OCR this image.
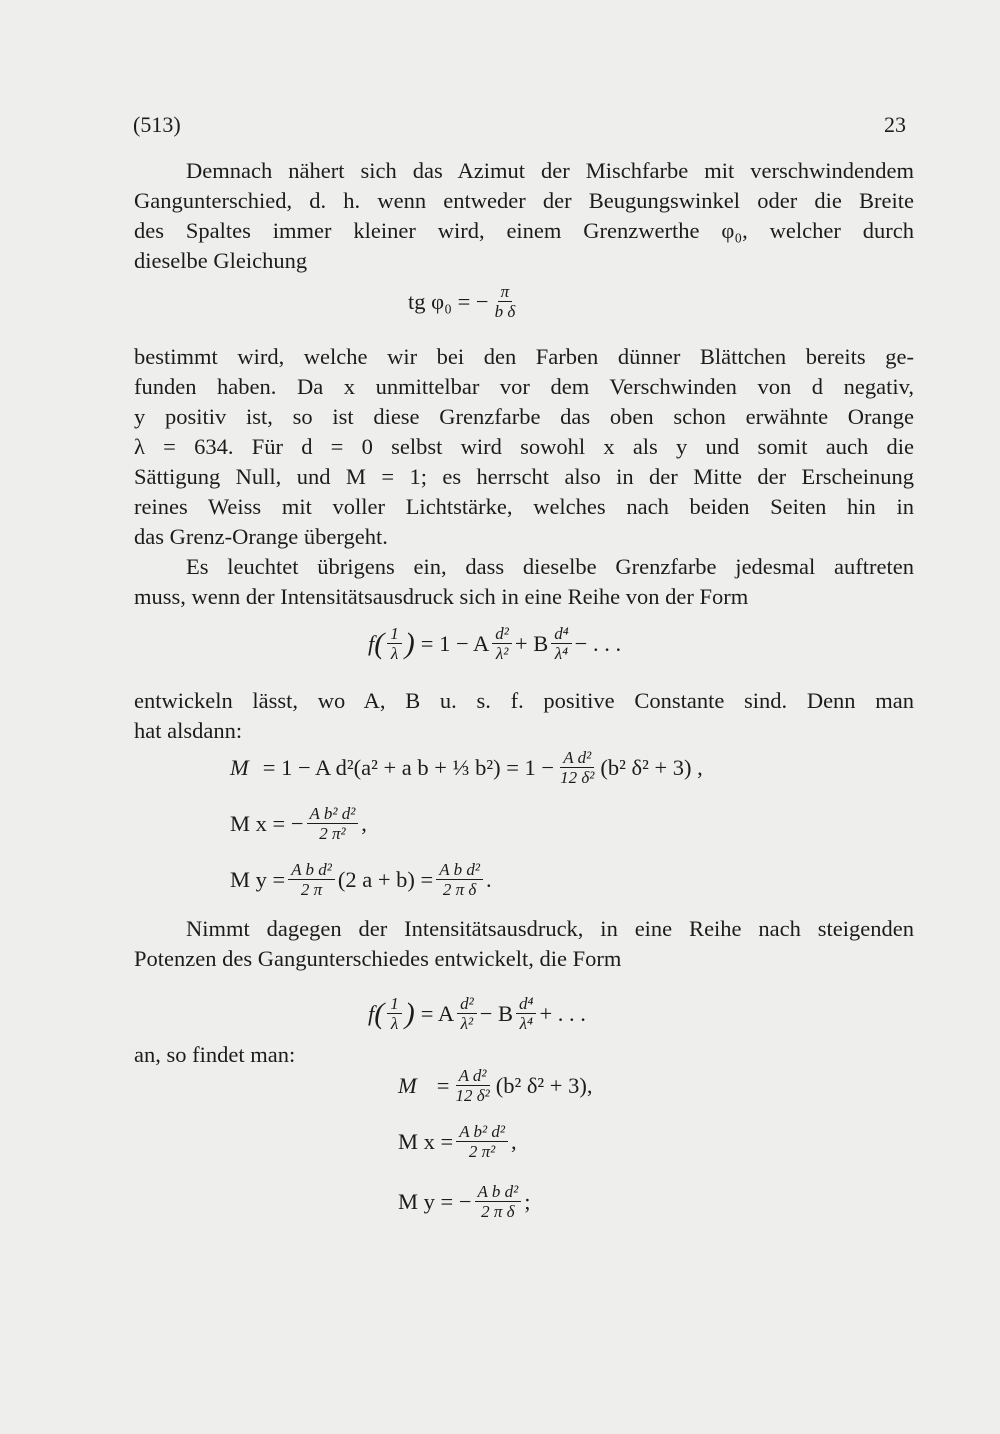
(513)	23
Demnach nähert sich das Azimut der Mischfarbe mit verschwindendem
Gangunterschied, d. h. wenn entweder der Beugungswinkel oder die Breite
des Spaltes immer kleiner wird, einem Grenzwerthe φ₀, welcher durch
dieselbe Gleichung
tg φ₀ = − $\frac{\pi}{\text{b δ}}$
bestimmt wird, welche wir bei den Farben dünner Blättchen bereits ge-
funden haben. Da x unmittelbar vor dem Verschwinden von d negativ,
y positiv ist, so ist diese Grenzfarbe das oben schon erwähnte Orange
λ = 634. Für d = 0 selbst wird sowohl x als y und somit auch die
Sättigung Null, und M = 1; es herrscht also in der Mitte der Erscheinung
reines Weiss mit voller Lichtstärke, welches nach beiden Seiten hin in
das Grenz-Orange übergeht.
Es leuchtet übrigens ein, dass dieselbe Grenzfarbe jedesmal auftreten
muss, wenn der Intensitätsausdruck sich in eine Reihe von der Form
f ( $\frac{1}{\lambda}$ ) = 1 − A $\frac{\text{d²}}{\text{λ²}} + B \frac{\text{d⁴}}{\text{λ⁴}}$ − . . .
entwickeln lässt, wo A, B u. s. f. positive Constante sind. Denn man
hat alsdann:
M = 1 − A d²(a² + a b + ⅓ $b^2) = 1 - \frac{\text{A d²}}{\text{12 δ²}} (b^2$ δ² + 3) ,
M x = − $\frac{\text{A b² d²}}{\text{2 π²}}$ ,
M $y = \frac{\text{A b d²}}{2 \pi} (2$ $a + b) = \frac{\text{A b d²}}{\text{2 π δ}}$ .
Nimmt dagegen der Intensitätsausdruck, in eine Reihe nach steigenden
Potenzen des Gangunterschiedes entwickelt, die Form
f ( $\frac{1}{\lambda}$ ) = A $\frac{\text{d²}}{\text{λ²}} - B \frac{\text{d⁴}}{\text{λ⁴}}$ + . . .
an, so findet man:
$M = \frac{\text{A d²}}{\text{12 δ²}} (b^2$ δ² + 3),
M $x = \frac{\text{A b² d²}}{\text{2 π²}}$ ,
M y = − $\frac{\text{A b d²}}{\text{2 π δ}}$ ;
